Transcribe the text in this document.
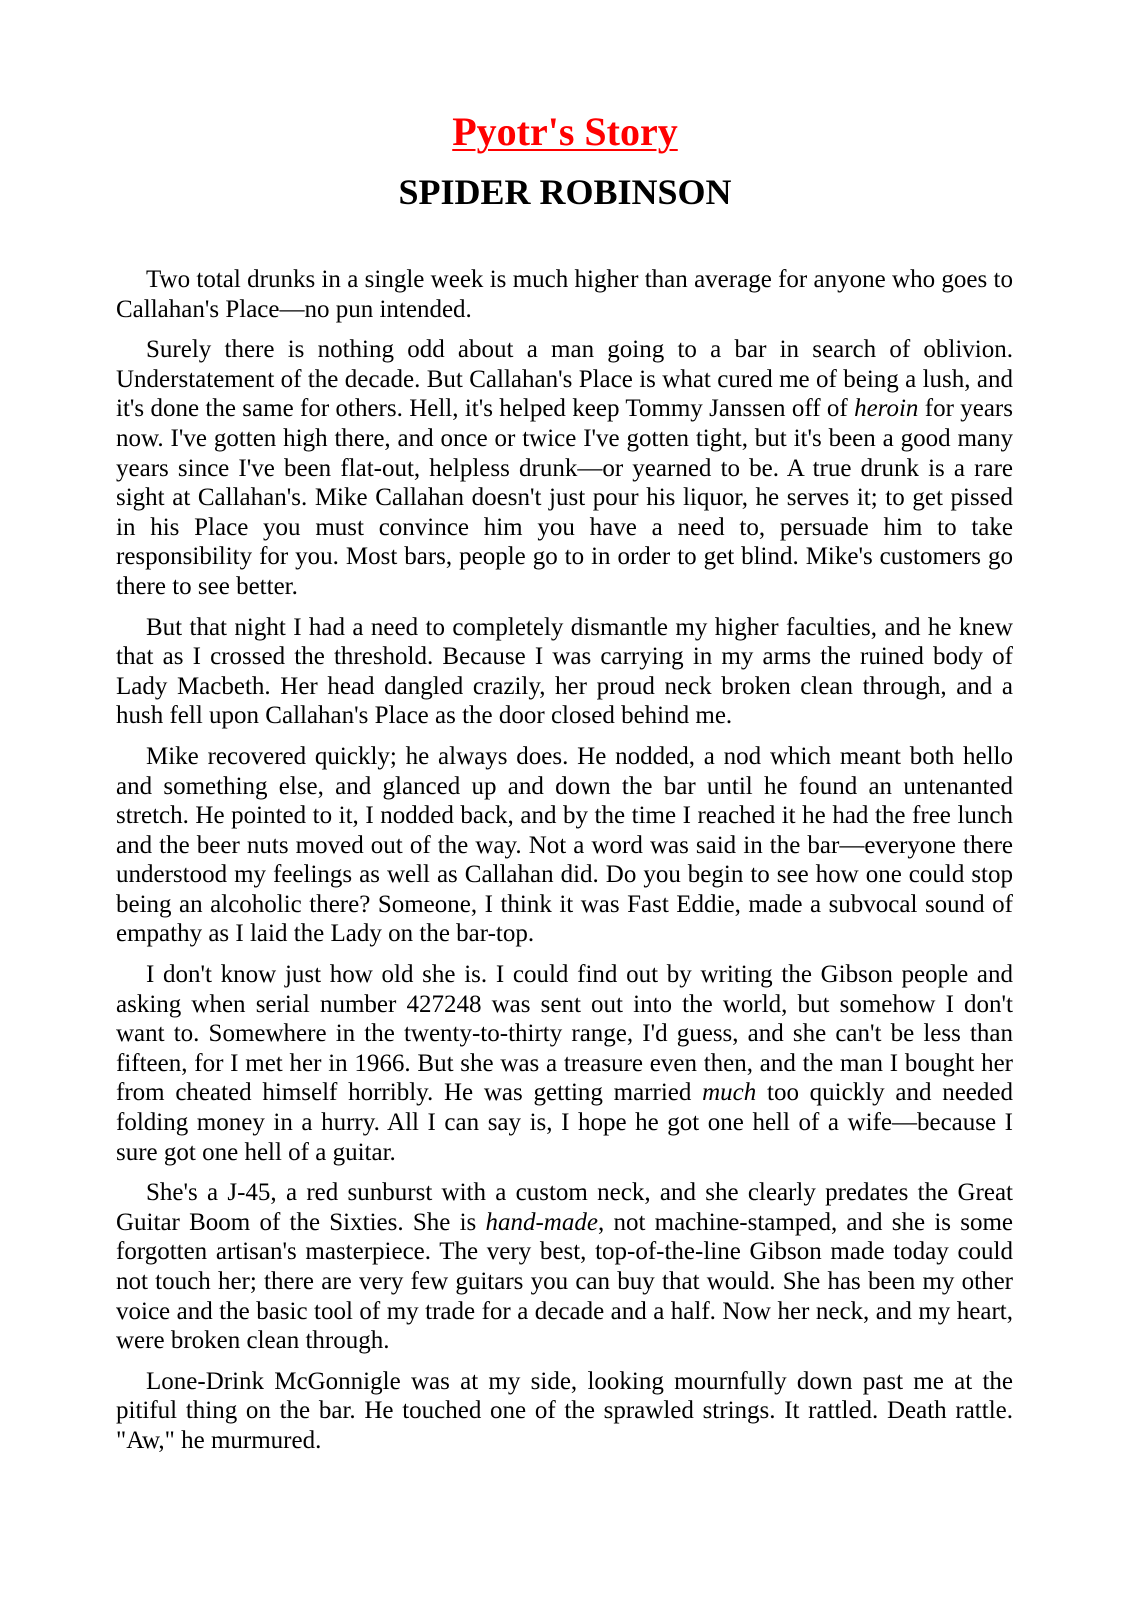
Pyotr's Story
SPIDER ROBINSON

Two total drunks in a single week is much higher than average for anyone who goes to Callahan's Place—no pun intended.

Surely there is nothing odd about a man going to a bar in search of oblivion. Understatement of the decade. But Callahan's Place is what cured me of being a lush, and it's done the same for others. Hell, it's helped keep Tommy Janssen off of heroin for years now. I've gotten high there, and once or twice I've gotten tight, but it's been a good many years since I've been flat-out, helpless drunk—or yearned to be. A true drunk is a rare sight at Callahan's. Mike Callahan doesn't just pour his liquor, he serves it; to get pissed in his Place you must convince him you have a need to, persuade him to take responsibility for you. Most bars, people go to in order to get blind. Mike's customers go there to see better.

But that night I had a need to completely dismantle my higher faculties, and he knew that as I crossed the threshold. Because I was carrying in my arms the ruined body of Lady Macbeth. Her head dangled crazily, her proud neck broken clean through, and a hush fell upon Callahan's Place as the door closed behind me.

Mike recovered quickly; he always does. He nodded, a nod which meant both hello and something else, and glanced up and down the bar until he found an untenanted stretch. He pointed to it, I nodded back, and by the time I reached it he had the free lunch and the beer nuts moved out of the way. Not a word was said in the bar—everyone there understood my feelings as well as Callahan did. Do you begin to see how one could stop being an alcoholic there? Someone, I think it was Fast Eddie, made a subvocal sound of empathy as I laid the Lady on the bar-top.

I don't know just how old she is. I could find out by writing the Gibson people and asking when serial number 427248 was sent out into the world, but somehow I don't want to. Somewhere in the twenty-to-thirty range, I'd guess, and she can't be less than fifteen, for I met her in 1966. But she was a treasure even then, and the man I bought her from cheated himself horribly. He was getting married much too quickly and needed folding money in a hurry. All I can say is, I hope he got one hell of a wife—because I sure got one hell of a guitar.

She's a J-45, a red sunburst with a custom neck, and she clearly predates the Great Guitar Boom of the Sixties. She is hand-made, not machine-stamped, and she is some forgotten artisan's masterpiece. The very best, top-of-the-line Gibson made today could not touch her; there are very few guitars you can buy that would. She has been my other voice and the basic tool of my trade for a decade and a half. Now her neck, and my heart, were broken clean through.

Lone-Drink McGonnigle was at my side, looking mournfully down past me at the pitiful thing on the bar. He touched one of the sprawled strings. It rattled. Death rattle. "Aw," he murmured.
